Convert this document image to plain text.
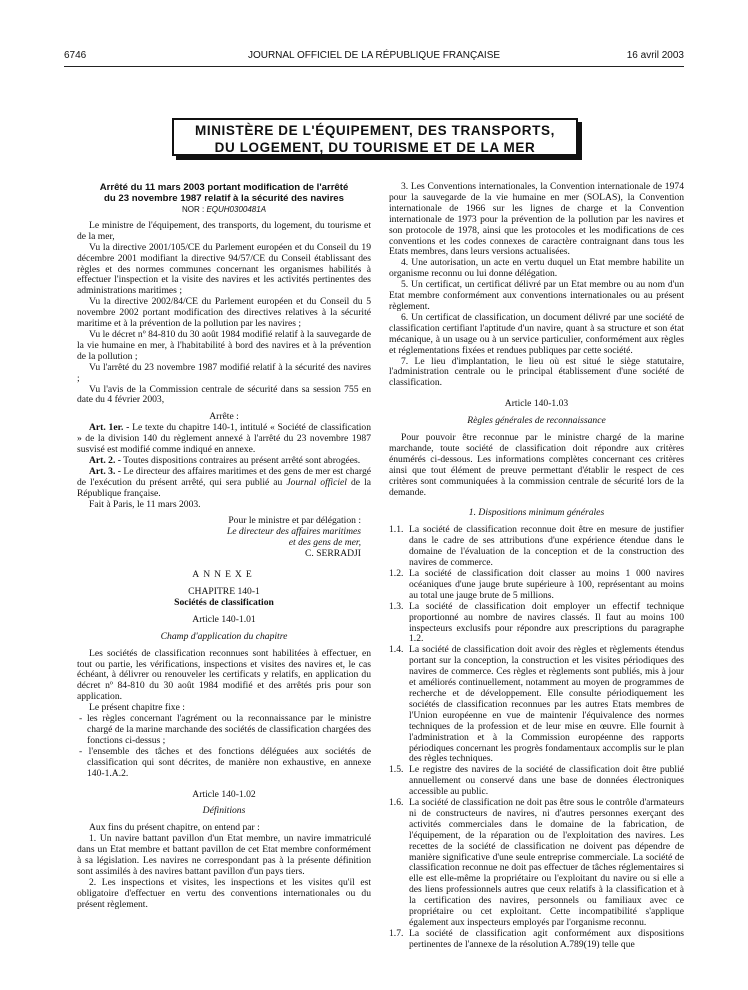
6746	JOURNAL OFFICIEL DE LA RÉPUBLIQUE FRANÇAISE	16 avril 2003
MINISTÈRE DE L'ÉQUIPEMENT, DES TRANSPORTS,
DU LOGEMENT, DU TOURISME ET DE LA MER
Arrêté du 11 mars 2003 portant modification de l'arrêté
du 23 novembre 1987 relatif à la sécurité des navires
NOR : EQUH0300481A

Le ministre de l'équipement, des transports, du logement, du tourisme et de la mer,

Vu la directive 2001/105/CE du Parlement européen et du Conseil du 19 décembre 2001 modifiant la directive 94/57/CE du Conseil établissant des règles et des normes communes concernant les organismes habilités à effectuer l'inspection et la visite des navires et les activités pertinentes des administrations maritimes ;

Vu la directive 2002/84/CE du Parlement européen et du Conseil du 5 novembre 2002 portant modification des directives relatives à la sécurité maritime et à la prévention de la pollution par les navires ;

Vu le décret nº 84-810 du 30 août 1984 modifié relatif à la sauvegarde de la vie humaine en mer, à l'habitabilité à bord des navires et à la prévention de la pollution ;

Vu l'arrêté du 23 novembre 1987 modifié relatif à la sécurité des navires ;

Vu l'avis de la Commission centrale de sécurité dans sa session 755 en date du 4 février 2003,

Arrête :

Art. 1er. - Le texte du chapitre 140-1, intitulé « Société de classification » de la division 140 du règlement annexé à l'arrêté du 23 novembre 1987 susvisé est modifié comme indiqué en annexe.

Art. 2. - Toutes dispositions contraires au présent arrêté sont abrogées.

Art. 3. - Le directeur des affaires maritimes et des gens de mer est chargé de l'exécution du présent arrêté, qui sera publié au Journal officiel de la République française.

Fait à Paris, le 11 mars 2003.

Pour le ministre et par délégation :

Le directeur des affaires maritimes

et des gens de mer,

C. SERRADJI

ANNEXE

CHAPITRE 140-1

Sociétés de classification

Article 140-1.01

Champ d'application du chapitre

Les sociétés de classification reconnues sont habilitées à effectuer, en tout ou partie, les vérifications, inspections et visites des navires et, le cas échéant, à délivrer ou renouveler les certificats y relatifs, en application du décret nº 84-810 du 30 août 1984 modifié et des arrêtés pris pour son application.

Le présent chapitre fixe :

- les règles concernant l'agrément ou la reconnaissance par le ministre chargé de la marine marchande des sociétés de classification chargées des fonctions ci-dessus ;
- l'ensemble des tâches et des fonctions déléguées aux sociétés de classification qui sont décrites, de manière non exhaustive, en annexe 140-1.A.2.

Article 140-1.02

Définitions

Aux fins du présent chapitre, on entend par :

1. Un navire battant pavillon d'un Etat membre, un navire immatriculé dans un Etat membre et battant pavillon de cet Etat membre conformément à sa législation. Les navires ne correspondant pas à la présente définition sont assimilés à des navires battant pavillon d'un pays tiers.

2. Les inspections et visites, les inspections et les visites qu'il est obligatoire d'effectuer en vertu des conventions internationales ou du présent règlement.

3. Les Conventions internationales, la Convention internationale de 1974 pour la sauvegarde de la vie humaine en mer (SOLAS), la Convention internationale de 1966 sur les lignes de charge et la Convention internationale de 1973 pour la prévention de la pollution par les navires et son protocole de 1978, ainsi que les protocoles et les modifications de ces conventions et les codes connexes de caractère contraignant dans tous les Etats membres, dans leurs versions actualisées.

4. Une autorisation, un acte en vertu duquel un Etat membre habilite un organisme reconnu ou lui donne délégation.

5. Un certificat, un certificat délivré par un Etat membre ou au nom d'un Etat membre conformément aux conventions internationales ou au présent règlement.

6. Un certificat de classification, un document délivré par une société de classification certifiant l'aptitude d'un navire, quant à sa structure et son état mécanique, à un usage ou à un service particulier, conformément aux règles et réglementations fixées et rendues publiques par cette société.

7. Le lieu d'implantation, le lieu où est situé le siège statutaire, l'administration centrale ou le principal établissement d'une société de classification.

Article 140-1.03

Règles générales de reconnaissance

Pour pouvoir être reconnue par le ministre chargé de la marine marchande, toute société de classification doit répondre aux critères énumérés ci-dessous. Les informations complètes concernant ces critères ainsi que tout élément de preuve permettant d'établir le respect de ces critères sont communiquées à la commission centrale de sécurité lors de la demande.

1. Dispositions minimum générales

1.1. La société de classification reconnue doit être en mesure de justifier dans le cadre de ses attributions d'une expérience étendue dans le domaine de l'évaluation de la conception et de la construction des navires de commerce.
1.2. La société de classification doit classer au moins 1 000 navires océaniques d'une jauge brute supérieure à 100, représentant au moins au total une jauge brute de 5 millions.
1.3. La société de classification doit employer un effectif technique proportionné au nombre de navires classés. Il faut au moins 100 inspecteurs exclusifs pour répondre aux prescriptions du paragraphe 1.2.
1.4. La société de classification doit avoir des règles et règlements étendus portant sur la conception, la construction et les visites périodiques des navires de commerce. Ces règles et règlements sont publiés, mis à jour et améliorés continuellement, notamment au moyen de programmes de recherche et de développement. Elle consulte périodiquement les sociétés de classification reconnues par les autres Etats membres de l'Union européenne en vue de maintenir l'équivalence des normes techniques de la profession et de leur mise en œuvre. Elle fournit à l'administration et à la Commission européenne des rapports périodiques concernant les progrès fondamentaux accomplis sur le plan des règles techniques.
1.5. Le registre des navires de la société de classification doit être publié annuellement ou conservé dans une base de données électroniques accessible au public.
1.6. La société de classification ne doit pas être sous le contrôle d'armateurs ni de constructeurs de navires, ni d'autres personnes exerçant des activités commerciales dans le domaine de la fabrication, de l'équipement, de la réparation ou de l'exploitation des navires. Les recettes de la société de classification ne doivent pas dépendre de manière significative d'une seule entreprise commerciale. La société de classification reconnue ne doit pas effectuer de tâches réglementaires si elle est elle-même la propriétaire ou l'exploitant du navire ou si elle a des liens professionnels autres que ceux relatifs à la classification et à la certification des navires, personnels ou familiaux avec ce propriétaire ou cet exploitant. Cette incompatibilité s'applique également aux inspecteurs employés par l'organisme reconnu.
1.7. La société de classification agit conformément aux dispositions pertinentes de l'annexe de la résolution A.789(19) telle que
